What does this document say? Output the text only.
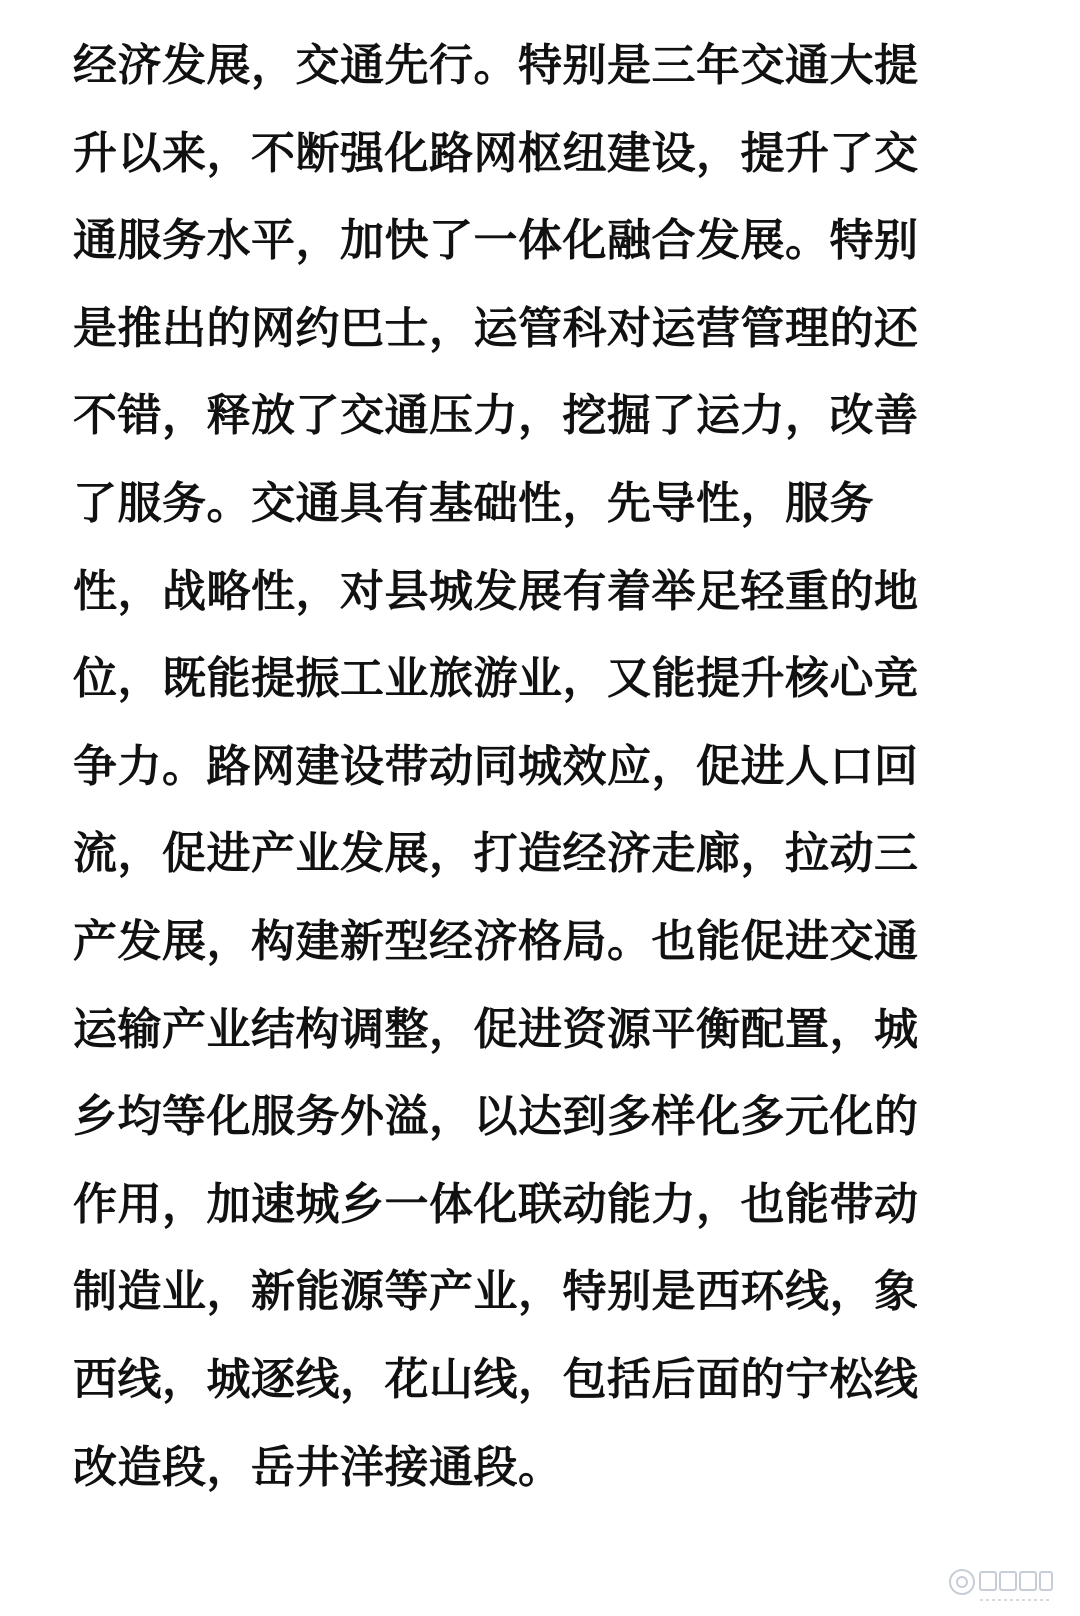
经济发展，交通先行。特别是三年交通大提
升以来，不断强化路网枢纽建设，提升了交
通服务水平，加快了一体化融合发展。特别
是推出的网约巴士，运管科对运营管理的还
不错，释放了交通压力，挖掘了运力，改善
了服务。交通具有基础性，先导性，服务
性，战略性，对县城发展有着举足轻重的地
位，既能提振工业旅游业，又能提升核心竞
争力。路网建设带动同城效应，促进人口回
流，促进产业发展，打造经济走廊，拉动三
产发展，构建新型经济格局。也能促进交通
运输产业结构调整，促进资源平衡配置，城
乡均等化服务外溢，以达到多样化多元化的
作用，加速城乡一体化联动能力，也能带动
制造业，新能源等产业，特别是西环线，象
西线，城逐线，花山线，包括后面的宁松线
改造段，岳井洋接通段。
